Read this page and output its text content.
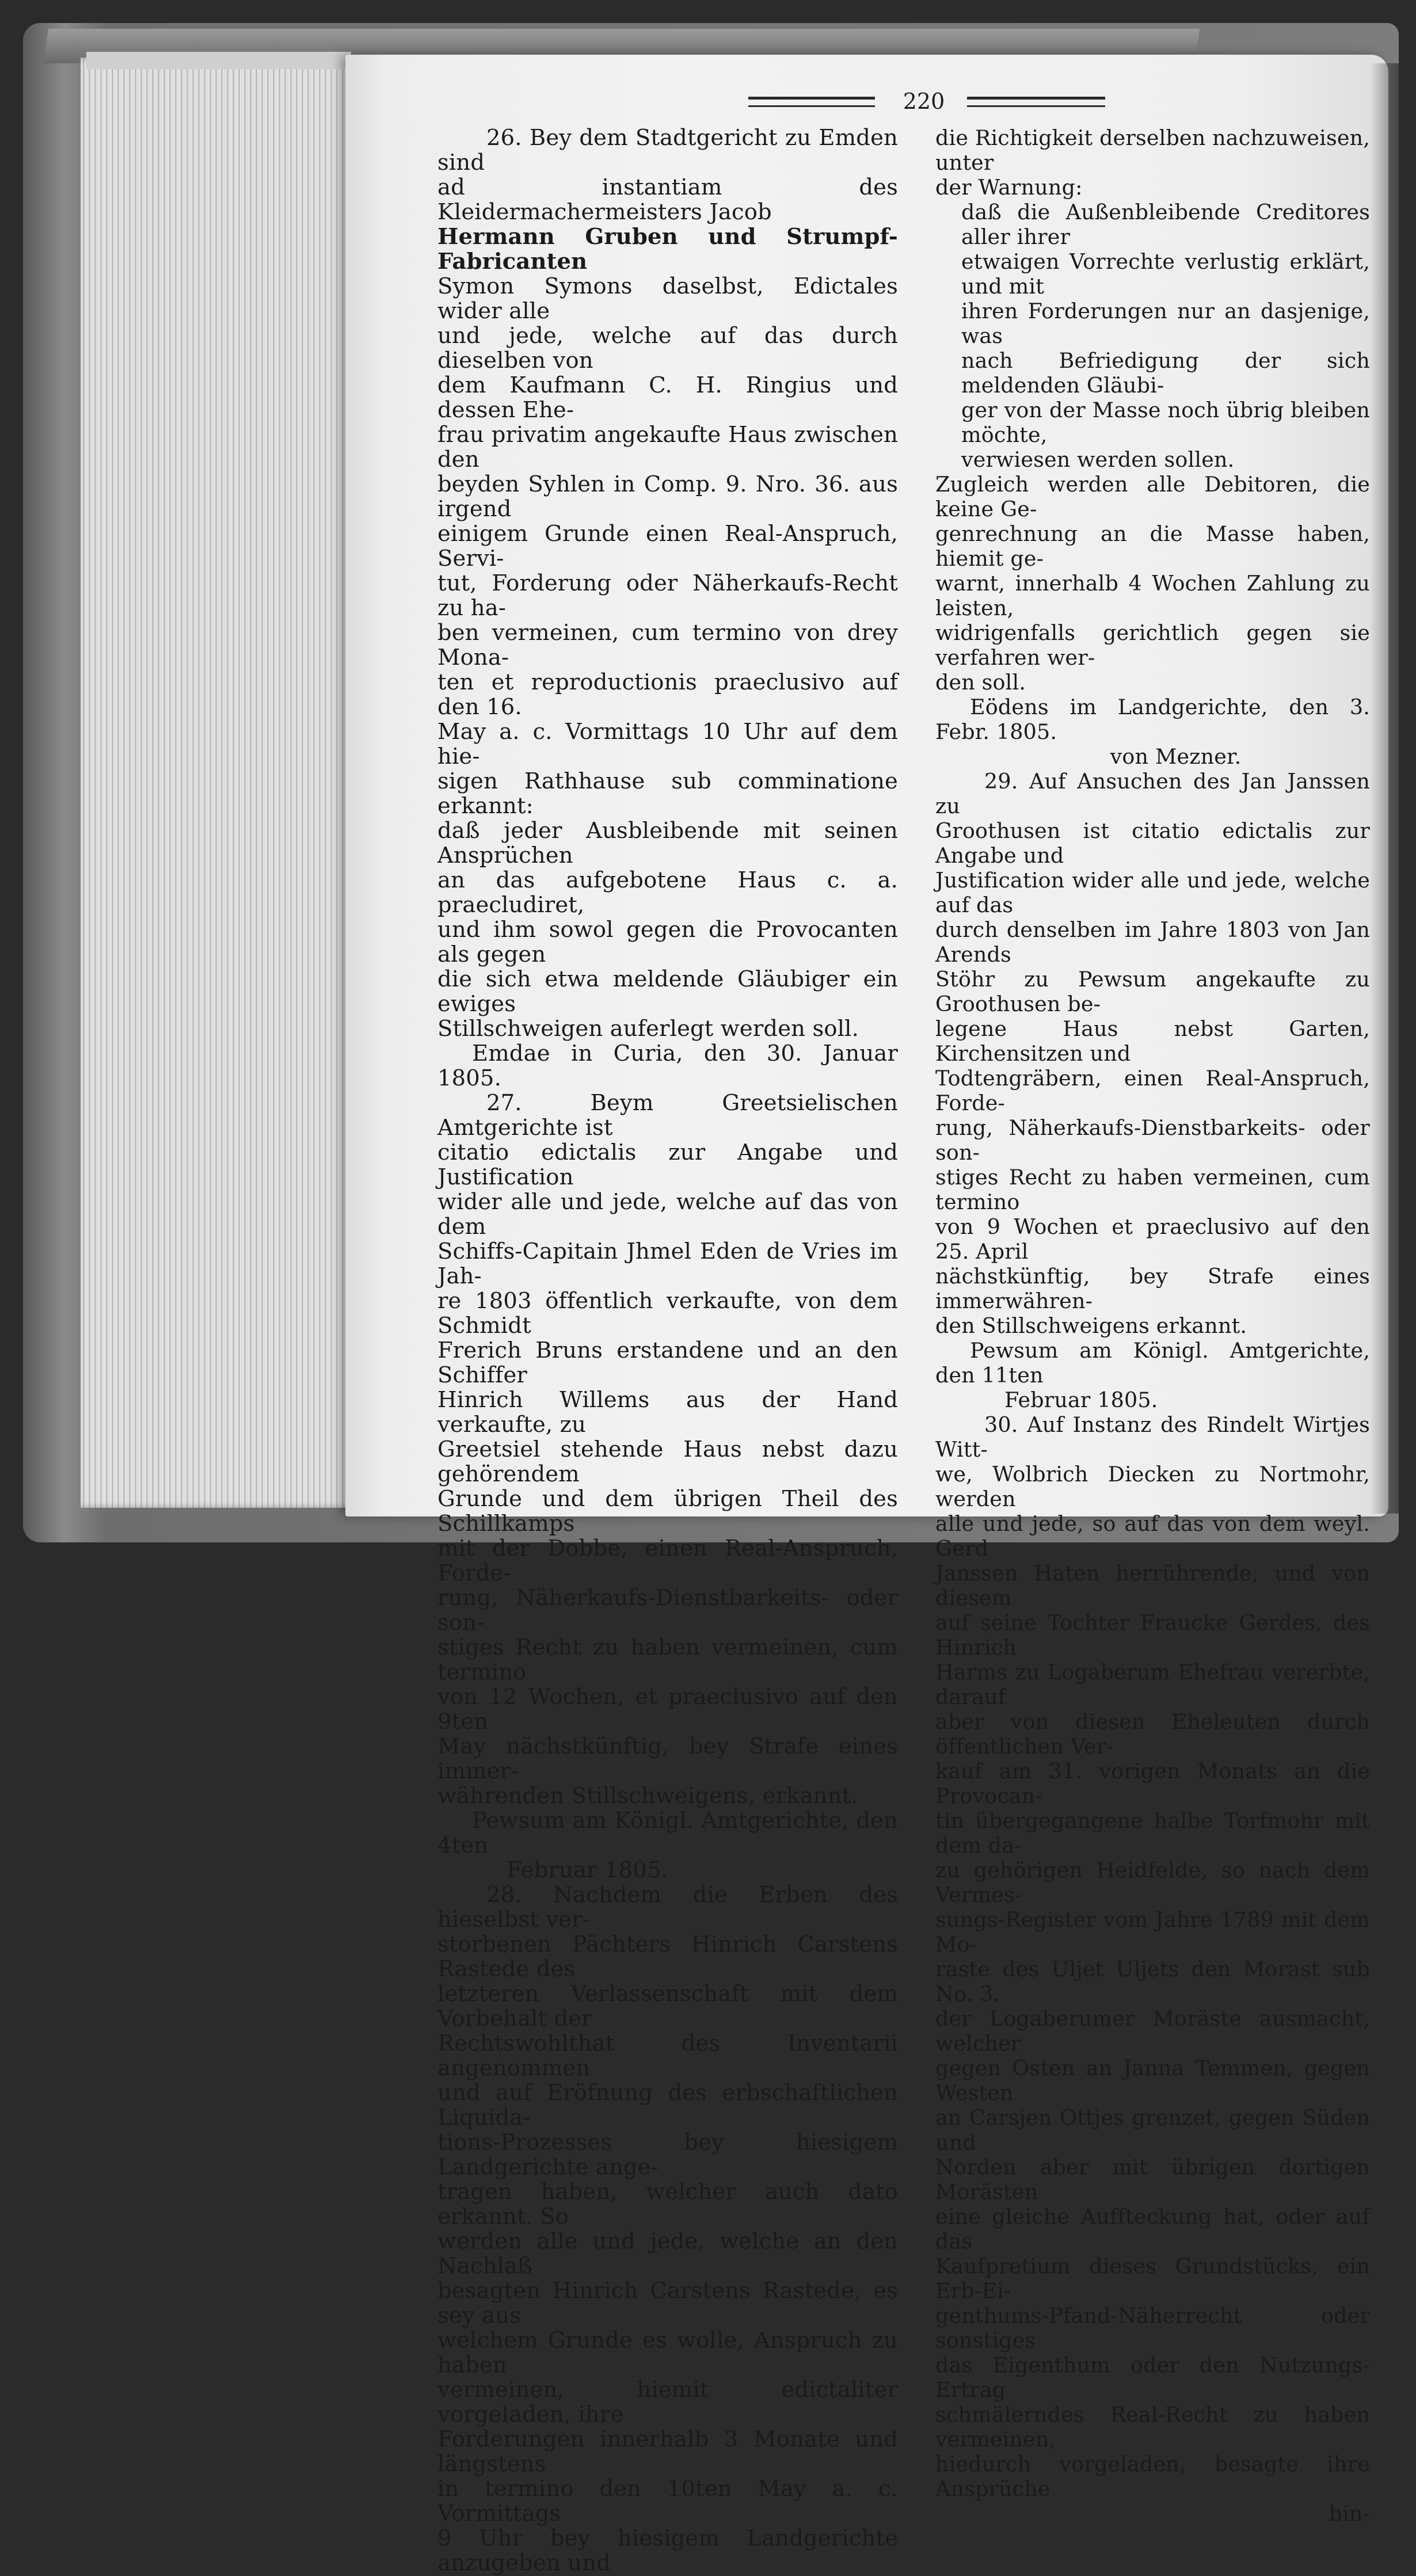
220

26. Bey dem Stadtgericht zu Emden sind

ad instantiam des Kleidermachermeisters Jacob

Hermann Gruben und Strumpf-Fabricanten

Symon Symons daselbst, Edictales wider alle

und jede, welche auf das durch dieselben von

dem Kaufmann C. H. Ringius und dessen Ehe-

frau privatim angekaufte Haus zwischen den

beyden Syhlen in Comp. 9. Nro. 36. aus irgend

einigem Grunde einen Real-Anspruch, Servi-

tut, Forderung oder Näherkaufs-Recht zu ha-

ben vermeinen, cum termino von drey Mona-

ten et reproductionis praeclusivo auf den 16.

May a. c. Vormittags 10 Uhr auf dem hie-

sigen Rathhause sub comminatione erkannt:

daß jeder Ausbleibende mit seinen Ansprüchen

an das aufgebotene Haus c. a. praecludiret,

und ihm sowol gegen die Provocanten als gegen

die sich etwa meldende Gläubiger ein ewiges

Stillschweigen auferlegt werden soll.

Emdae in Curia, den 30. Januar 1805.

27. Beym Greetsielischen Amtgerichte ist

citatio edictalis zur Angabe und Justification

wider alle und jede, welche auf das von dem

Schiffs-Capitain Jhmel Eden de Vries im Jah-

re 1803 öffentlich verkaufte, von dem Schmidt

Frerich Bruns erstandene und an den Schiffer

Hinrich Willems aus der Hand verkaufte, zu

Greetsiel stehende Haus nebst dazu gehörendem

Grunde und dem übrigen Theil des Schillkamps

mit der Dobbe, einen Real-Anspruch, Forde-

rung, Näherkaufs-Dienstbarkeits- oder son-

stiges Recht zu haben vermeinen, cum termino

von 12 Wochen, et praeclusivo auf den 9ten

May nächstkünftig, bey Strafe eines immer-

währenden Stillschweigens, erkannt.

Pewsum am Königl. Amtgerichte, den 4ten

Februar 1805.

28. Nachdem die Erben des hieselbst ver-

storbenen Pächters Hinrich Carstens Rastede des

letzteren Verlassenschaft mit dem Vorbehalt der

Rechtswohlthat des Inventarii angenommen

und auf Eröfnung des erbschaftlichen Liquida-

tions-Prozesses bey hiesigem Landgerichte ange-

tragen haben, welcher auch dato erkannt. So

werden alle und jede, welche an den Nachlaß

besagten Hinrich Carstens Rastede, es sey aus

welchem Grunde es wolle, Anspruch zu haben

vermeinen, hiemit edictaliter vorgeladen, ihre

Forderungen innerhalb 3 Monate und längstens

in termino den 10ten May a. c. Vormittags

9 Uhr bey hiesigem Landgerichte anzugeben und

die Richtigkeit derselben nachzuweisen, unter

der Warnung:

daß die Außenbleibende Creditores aller ihrer

etwaigen Vorrechte verlustig erklärt, und mit

ihren Forderungen nur an dasjenige, was

nach Befriedigung der sich meldenden Gläubi-

ger von der Masse noch übrig bleiben möchte,

verwiesen werden sollen.

Zugleich werden alle Debitoren, die keine Ge-

genrechnung an die Masse haben, hiemit ge-

warnt, innerhalb 4 Wochen Zahlung zu leisten,

widrigenfalls gerichtlich gegen sie verfahren wer-

den soll.

Eödens im Landgerichte, den 3. Febr. 1805.

von Mezner.

29. Auf Ansuchen des Jan Janssen zu

Groothusen ist citatio edictalis zur Angabe und

Justification wider alle und jede, welche auf das

durch denselben im Jahre 1803 von Jan Arends

Stöhr zu Pewsum angekaufte zu Groothusen be-

legene Haus nebst Garten, Kirchensitzen und

Todtengräbern, einen Real-Anspruch, Forde-

rung, Näherkaufs-Dienstbarkeits- oder son-

stiges Recht zu haben vermeinen, cum termino

von 9 Wochen et praeclusivo auf den 25. April

nächstkünftig, bey Strafe eines immerwähren-

den Stillschweigens erkannt.

Pewsum am Königl. Amtgerichte, den 11ten

Februar 1805.

30. Auf Instanz des Rindelt Wirtjes Witt-

we, Wolbrich Diecken zu Nortmohr, werden

alle und jede, so auf das von dem weyl. Gerd

Janssen Haten herrührende, und von diesem

auf seine Tochter Fraucke Gerdes, des Hinrich

Harms zu Logaberum Ehefrau vererbte, darauf

aber von diesen Eheleuten durch öffentlichen Ver-

kauf am 31. vorigen Monats an die Provocan-

tin übergegangene halbe Torfmohr mit dem da-

zu gehörigen Heidfelde, so nach dem Vermes-

sungs-Register vom Jahre 1789 mit dem Mo-

raste des Uljet Uljets den Morast sub No. 3.

der Logaberumer Moräste ausmacht, welcher

gegen Osten an Janna Temmen, gegen Westen

an Carsjen Ottjes grenzet, gegen Süden und

Norden aber mit übrigen dortigen Morästen

eine gleiche Auffteckung hat, oder auf das

Kaufpretium dieses Grundstücks, ein Erb-Ei-

genthums-Pfand-Näherrecht oder sonstiges

das Eigenthum oder den Nutzungs-Ertrag

schmälerndes Real-Recht zu haben vermeinen,

hiedurch vorgeladen, besagte ihre Ansprüche

bin-
